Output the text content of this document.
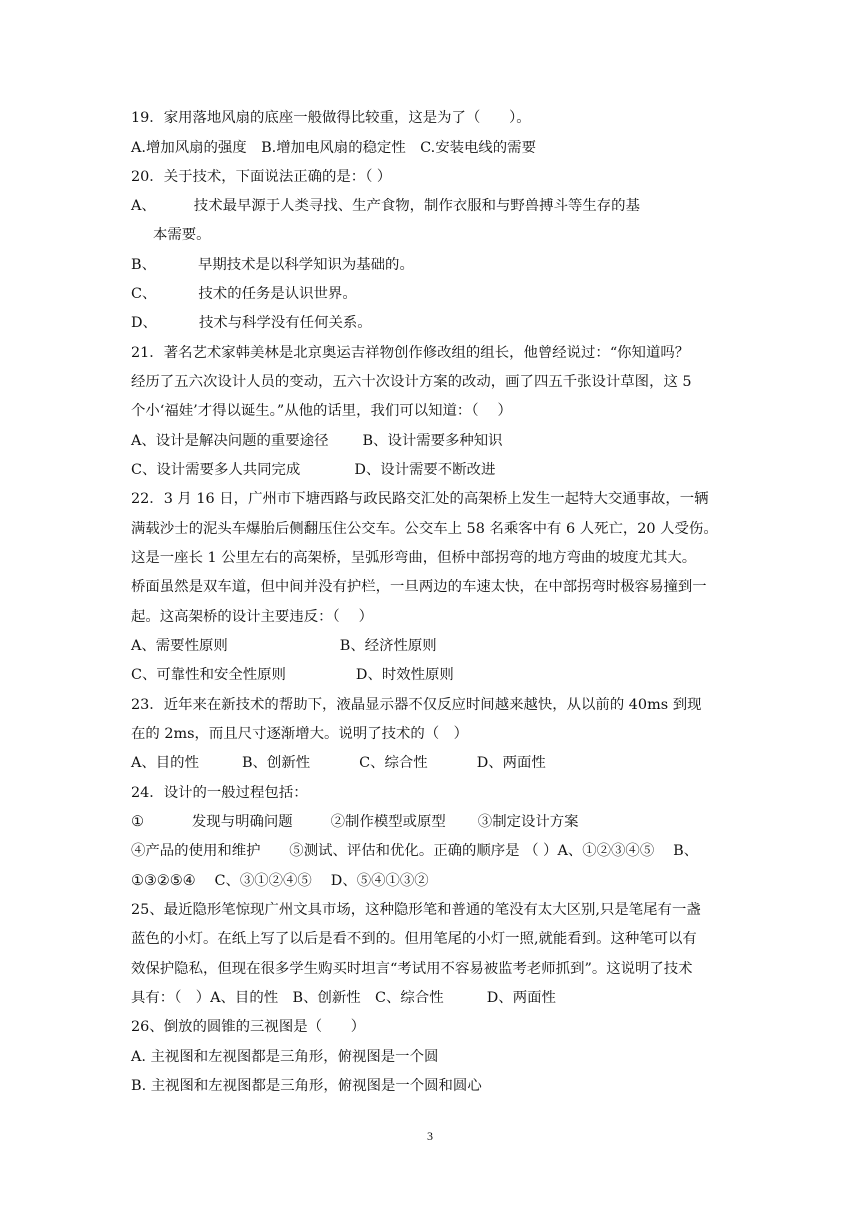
19．家用落地风扇的底座一般做得比较重，这是为了（　　）。
A.增加风扇的强度　B.增加电风扇的稳定性　C.安装电线的需要
20．关于技术，下面说法正确的是：（ ）
A、	技术最早源于人类寻找、生产食物，制作衣服和与野兽搏斗等生存的基
本需要。
B、	早期技术是以科学知识为基础的。
C、	技术的任务是认识世界。
D、	技术与科学没有任何关系。
21．著名艺术家韩美林是北京奥运吉祥物创作修改组的组长，他曾经说过：“你知道吗？
经历了五六次设计人员的变动，五六十次设计方案的改动，画了四五千张设计草图，这 5
个小‘福娃’才得以诞生。”从他的话里，我们可以知道：（　 ）
A、设计是解决问题的重要途径 B、设计需要多种知识
C、设计需要多人共同完成	D、设计需要不断改进
22．3 月 16 日，广州市下塘西路与政民路交汇处的高架桥上发生一起特大交通事故，一辆
满载沙士的泥头车爆胎后侧翻压住公交车。公交车上 58 名乘客中有 6 人死亡，20 人受伤。
这是一座长 1 公里左右的高架桥，呈弧形弯曲，但桥中部拐弯的地方弯曲的坡度尤其大。
桥面虽然是双车道，但中间并没有护栏，一旦两边的车速太快，在中部拐弯时极容易撞到一
起。这高架桥的设计主要违反：（　 ）
A、需要性原则	B、经济性原则
C、可靠性和安全性原则	D、时效性原则
23．近年来在新技术的帮助下，液晶显示器不仅反应时间越来越快，从以前的 40ms 到现
在的 2ms，而且尺寸逐渐增大。说明了技术的（　）
A、目的性	B、创新性	C、综合性	D、两面性
24．设计的一般过程包括：
①	发现与明确问题	②制作模型或原型 ③制定设计方案
④产品的使用和维护　　⑤测试、评估和优化。正确的顺序是 （ ）A、①②③④⑤　 B、
①③②⑤④　 C、③①②④⑤　 D、⑤④①③②
25、最近隐形笔惊现广州文具市场，这种隐形笔和普通的笔没有太大区别,只是笔尾有一盏
蓝色的小灯。在纸上写了以后是看不到的。但用笔尾的小灯一照,就能看到。这种笔可以有
效保护隐私，但现在很多学生购买时坦言“考试用不容易被监考老师抓到”。这说明了技术
具有：（　）A、目的性　B、创新性　C、综合性　　　D、两面性
26、倒放的圆锥的三视图是（　　）
A. 主视图和左视图都是三角形，俯视图是一个圆
B. 主视图和左视图都是三角形，俯视图是一个圆和圆心
3
